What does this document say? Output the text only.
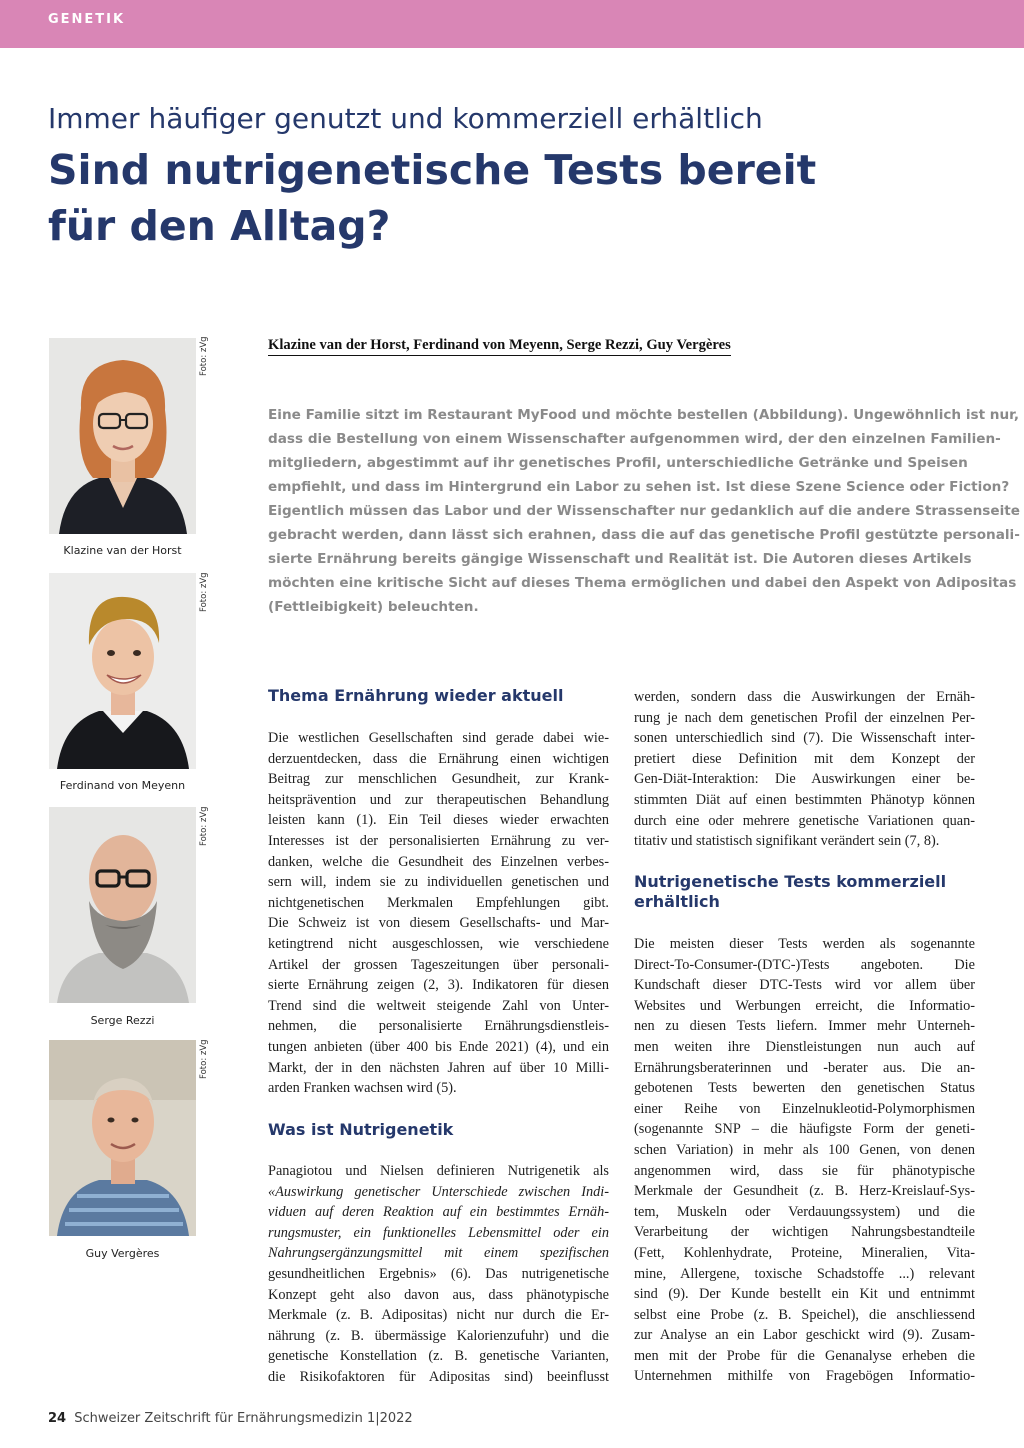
GENETIK
Immer häufiger genutzt und kommerziell erhältlich
Sind nutrigenetische Tests bereit
für den Alltag?
Foto: zVg
Klazine van der Horst
Foto: zVg
Ferdinand von Meyenn
Foto: zVg
Serge Rezzi
Foto: zVg
Guy Vergères
Klazine van der Horst, Ferdinand von Meyenn, Serge Rezzi, Guy Vergères
Eine Familie sitzt im Restaurant MyFood und möchte bestellen (Abbildung). Ungewöhnlich ist nur,
dass die Bestellung von einem Wissenschafter aufgenommen wird, der den einzelnen Familien-
mitgliedern, abgestimmt auf ihr genetisches Profil, unterschiedliche Getränke und Speisen
empfiehlt, und dass im Hintergrund ein Labor zu sehen ist. Ist diese Szene Science oder Fiction?
Eigentlich müssen das Labor und der Wissenschafter nur gedanklich auf die andere Strassenseite
gebracht werden, dann lässt sich erahnen, dass die auf das genetische Profil gestützte personali-
sierte Ernährung bereits gängige Wissenschaft und Realität ist. Die Autoren dieses Artikels
möchten eine kritische Sicht auf dieses Thema ermöglichen und dabei den Aspekt von Adipositas
(Fettleibigkeit) beleuchten.
Thema Ernährung wieder aktuell
Die westlichen Gesellschaften sind gerade dabei wie-
derzuentdecken, dass die Ernährung einen wichtigen
Beitrag zur menschlichen Gesundheit, zur Krank-
heitsprävention und zur therapeutischen Behandlung
leisten kann (1). Ein Teil dieses wieder erwachten
Interesses ist der personalisierten Ernährung zu ver-
danken, welche die Gesundheit des Einzelnen verbes-
sern will, indem sie zu individuellen genetischen und
nichtgenetischen Merkmalen Empfehlungen gibt.
Die Schweiz ist von diesem Gesellschafts- und Mar-
ketingtrend nicht ausgeschlossen, wie verschiedene
Artikel der grossen Tageszeitungen über personali-
sierte Ernährung zeigen (2, 3). Indikatoren für diesen
Trend sind die weltweit steigende Zahl von Unter-
nehmen, die personalisierte Ernährungsdienstleis-
tungen anbieten (über 400 bis Ende 2021) (4), und ein
Markt, der in den nächsten Jahren auf über 10 Milli-
arden Franken wachsen wird (5).
Was ist Nutrigenetik
Panagiotou und Nielsen definieren Nutrigenetik als
«Auswirkung genetischer Unterschiede zwischen Indi-
viduen auf deren Reaktion auf ein bestimmtes Ernäh-
rungsmuster, ein funktionelles Lebensmittel oder ein
Nahrungsergänzungsmittel mit einem spezifischen
gesundheitlichen Ergebnis» (6). Das nutrigenetische
Konzept geht also davon aus, dass phänotypische
Merkmale (z. B. Adipositas) nicht nur durch die Er-
nährung (z. B. übermässige Kalorienzufuhr) und die
genetische Konstellation (z. B. genetische Varianten,
die Risikofaktoren für Adipositas sind) beeinflusst
werden, sondern dass die Auswirkungen der Ernäh-
rung je nach dem genetischen Profil der einzelnen Per-
sonen unterschiedlich sind (7). Die Wissenschaft inter-
pretiert diese Definition mit dem Konzept der
Gen-Diät-Interaktion: Die Auswirkungen einer be-
stimmten Diät auf einen bestimmten Phänotyp können
durch eine oder mehrere genetische Variationen quan-
titativ und statistisch signifikant verändert sein (7, 8).
Nutrigenetische Tests kommerziell
erhältlich
Die meisten dieser Tests werden als sogenannte
Direct-To-Consumer-(DTC-)Tests angeboten. Die
Kundschaft dieser DTC-Tests wird vor allem über
Websites und Werbungen erreicht, die Informatio-
nen zu diesen Tests liefern. Immer mehr Unterneh-
men weiten ihre Dienstleistungen nun auch auf
Ernährungsberaterinnen und -berater aus. Die an-
gebotenen Tests bewerten den genetischen Status
einer Reihe von Einzelnukleotid-Polymorphismen
(sogenannte SNP – die häufigste Form der geneti-
schen Variation) in mehr als 100 Genen, von denen
angenommen wird, dass sie für phänotypische
Merkmale der Gesundheit (z. B. Herz-Kreislauf-Sys-
tem, Muskeln oder Verdauungssystem) und die
Verarbeitung der wichtigen Nahrungsbestandteile
(Fett, Kohlenhydrate, Proteine, Mineralien, Vita-
mine, Allergene, toxische Schadstoffe ...) relevant
sind (9). Der Kunde bestellt ein Kit und entnimmt
selbst eine Probe (z. B. Speichel), die anschliessend
zur Analyse an ein Labor geschickt wird (9). Zusam-
men mit der Probe für die Genanalyse erheben die
Unternehmen mithilfe von Fragebögen Informatio-
24 Schweizer Zeitschrift für Ernährungsmedizin 1|2022
